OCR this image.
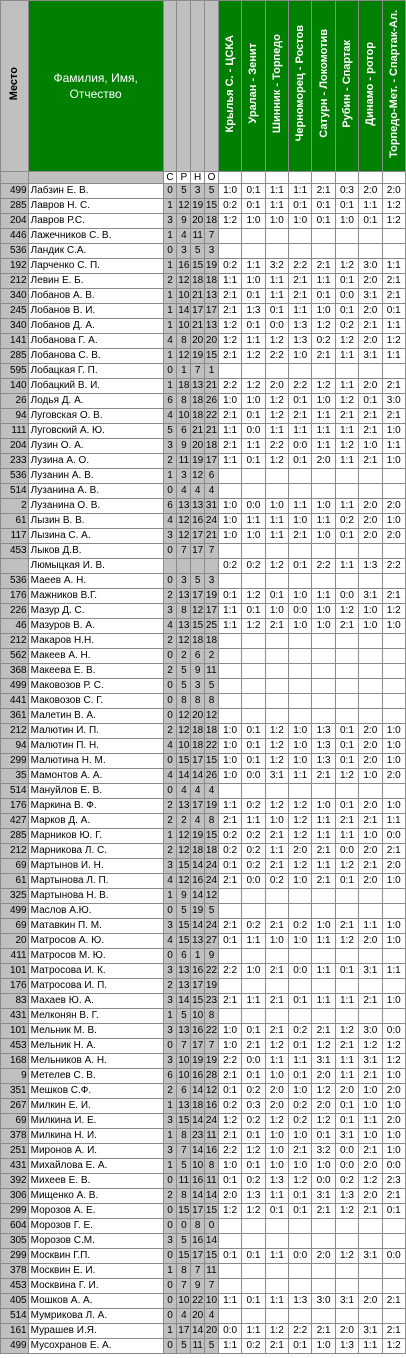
Место	Фамилия, Имя, Отчество					Крылья С. - ЦСКА	Уралан - Зенит	Шинник - Торпедо	Черноморец - Ростов	Сатурн - Локомотив	Рубин - Спартак	Динамо - ротор	Торпедо-Мет. - Спартак-Ал.
		С	Р	Н	О								
499	Лабзин Е. В.	0	5	3	5	1:0	0:1	1:1	1:1	2:1	0:3	2:0	2:0
285	Лавров Н. С.	1	12	19	15	0:2	0:1	1:1	0:1	0:1	0:1	1:1	1:2
204	Лавров Р.С.	3	9	20	18	1:2	1:0	1:0	1:0	0:1	1:0	0:1	1:2
446	Лажечников С. В.	1	4	11	7								
536	Ландик С.А.	0	3	5	3								
192	Ларченко С. П.	1	16	15	19	0:2	1:1	3:2	2:2	2:1	1:2	3:0	1:1
212	Левин Е. Б.	2	12	18	18	1:1	1:0	1:1	2:1	1:1	0:1	2:0	2:1
340	Лобанов А. В.	1	10	21	13	2:1	0:1	1:1	2:1	0:1	0:0	3:1	2:1
245	Лобанов В. И.	1	14	17	17	2:1	1:3	0:1	1:1	1:0	0:1	2:0	0:1
340	Лобанов Д. А.	1	10	21	13	1:2	0:1	0:0	1:3	1:2	0:2	2:1	1:1
141	Лобанова Г. А.	4	8	20	20	1:2	1:1	1:2	1:3	0:2	1:2	2:0	1:2
285	Лобанова С. В.	1	12	19	15	2:1	1:2	2:2	1:0	2:1	1:1	3:1	1:1
595	Лобацкая Г. П.	0	1	7	1								
140	Лобацкий В. И.	1	18	13	21	2:2	1:2	2:0	2:2	1:2	1:1	2:0	2:1
26	Лодья Д. А.	6	8	18	26	1:0	1:0	1:2	0:1	1:0	1:2	0:1	3:0
94	Луговская О. В.	4	10	18	22	2:1	0:1	1:2	2:1	1:1	2:1	2:1	2:1
111	Луговский А. Ю.	5	6	21	21	1:1	0:0	1:1	1:1	1:1	1:1	2:1	1:0
204	Лузин О. А.	3	9	20	18	2:1	1:1	2:2	0:0	1:1	1:2	1:0	1:1
233	Лузина А. О.	2	11	19	17	1:1	0:1	1:2	0:1	2:0	1:1	2:1	1:0
536	Лузанин А. В.	1	3	12	6								
514	Лузанина А. В.	0	4	4	4								
2	Лузанина О. В.	6	13	13	31	1:0	0:0	1:0	1:1	1:0	1:1	2:0	2:0
61	Лызин В. В.	4	12	16	24	1:0	1:1	1:1	1:0	1:1	0:2	2:0	1:0
117	Лызина С. А.	3	12	17	21	1:0	1:0	1:1	2:1	1:0	0:1	2:0	2:0
453	Лыков Д.В.	0	7	17	7								
	Люмыцкая И. В.					0:2	0:2	1:2	0:1	2:2	1:1	1:3	2:2
536	Маеев А. Н.	0	3	5	3								
176	Мажников В.Г.	2	13	17	19	0:1	1:2	0:1	1:0	1:1	0:0	3:1	2:1
226	Мазур Д. С.	3	8	12	17	1:1	0:1	1:0	0:0	1:0	1:2	1:0	1:2
46	Мазуров В. А.	4	13	15	25	1:1	1:2	2:1	1:0	1:0	2:1	1:0	1:0
212	Макаров Н.Н.	2	12	18	18								
562	Макеев А. Н.	0	2	6	2								
368	Макеева Е. В.	2	5	9	11								
499	Маковозов Р. С.	0	5	3	5								
441	Маковозов С. Г.	0	8	8	8								
361	Малетин В. А.	0	12	20	12								
212	Малютин И. П.	2	12	18	18	1:0	0:1	1:2	1:0	1:3	0:1	2:0	1:0
94	Малютин П. Н.	4	10	18	22	1:0	0:1	1:2	1:0	1:3	0:1	2:0	1:0
299	Малютина Н. М.	0	15	17	15	1:0	0:1	1:2	1:0	1:3	0:1	2:0	1:0
35	Мамонтов А. А.	4	14	14	26	1:0	0:0	3:1	1:1	2:1	1:2	1:0	2:0
514	Мануйлов Е. В.	0	4	4	4								
176	Маркина В. Ф.	2	13	17	19	1:1	0:2	1:2	1:2	1:0	0:1	2:0	1:0
427	Марков Д. А.	2	2	4	8	2:1	1:1	1:0	1:2	1:1	2:1	2:1	1:1
285	Марников Ю. Г.	1	12	19	15	0:2	0:2	2:1	1:2	1:1	1:1	1:0	0:0
212	Марникова Л. С.	2	12	18	18	0:2	0:2	1:1	2:0	2:1	0:0	2:0	2:1
69	Мартынов И. Н.	3	15	14	24	0:1	0:2	2:1	1:2	1:1	1:2	2:1	2:0
61	Мартынова Л. П.	4	12	16	24	2:1	0:0	0:2	1:0	2:1	0:1	2:0	1:0
325	Мартынова Н. В.	1	9	14	12								
499	Маслов А.Ю.	0	5	19	5								
69	Матавкин П. М.	3	15	14	24	2:1	0:2	2:1	0:2	1:0	2:1	1:1	1:0
20	Матросов А. Ю.	4	15	13	27	0:1	1:1	1:0	1:0	1:1	1:2	2:0	1:0
411	Матросов М. Ю.	0	6	1	9								
101	Матросова И. К.	3	13	16	22	2:2	1:0	2:1	0:0	1:1	0:1	3:1	1:1
176	Матросова И. П.	2	13	17	19								
83	Махаев Ю. А.	3	14	15	23	2:1	1:1	2:1	0:1	1:1	1:1	2:1	1:0
431	Мелконян В. Г.	1	5	10	8								
101	Мельник М. В.	3	13	16	22	1:0	0:1	2:1	0:2	2:1	1:2	3:0	0:0
453	Мельник Н. А.	0	7	17	7	1:0	2:1	1:2	0:1	1:2	2:1	1:2	1:2
168	Мельников А. Н.	3	10	19	19	2:2	0:0	1:1	1:1	3:1	1:1	3:1	1:2
9	Метелев С. В.	6	10	16	28	2:1	0:1	1:0	0:1	2:0	1:1	2:1	1:0
351	Мешков С.Ф.	2	6	14	12	0:1	0:2	2:0	1:0	1:2	2:0	1:0	2:0
267	Милкин Е. И.	1	13	18	16	0:2	0:3	2:0	0:2	2:0	0:1	1:0	1:0
69	Милкина И. Е.	3	15	14	24	1:2	0:2	1:2	0:2	1:2	0:1	1:1	2:0
378	Милкина Н. И.	1	8	23	11	2:1	0:1	1:0	1:0	0:1	3:1	1:0	1:0
251	Миронов А. И.	3	7	14	16	2:2	1:2	1:0	2:1	3:2	0:0	2:1	1:0
431	Михайлова Е. А.	1	5	10	8	1:0	0:1	1:0	1:0	1:0	0:0	2:0	0:0
392	Михеев Е. В.	0	11	16	11	0:1	0:2	1:3	1:2	0:0	0:2	1:2	2:3
306	Мищенко А. В.	2	8	14	14	2:0	1:3	1:1	0:1	3:1	1:3	2:0	2:1
299	Морозов А. Е.	0	15	17	15	1:2	1:2	0:1	0:1	2:1	1:2	2:1	0:1
604	Морозов Г. Е.	0	0	8	0								
305	Морозов С.М.	3	5	16	14								
299	Москвин Г.П.	0	15	17	15	0:1	0:1	1:1	0:0	2:0	1:2	3:1	0:0
378	Москвин Е. И.	1	8	7	11								
453	Москвина Г. И.	0	7	9	7								
405	Мошков А. А.	0	10	22	10	1:1	0:1	1:1	1:3	3:0	3:1	2:0	2:1
514	Мумрикова Л. А.	0	4	20	4								
161	Мурашев И.Я.	1	17	14	20	0:0	1:1	1:2	2:2	2:1	2:0	3:1	2:1
499	Мусохранов Е. А.	0	5	11	5	1:1	0:2	2:1	0:1	1:0	1:3	1:1	1:2
